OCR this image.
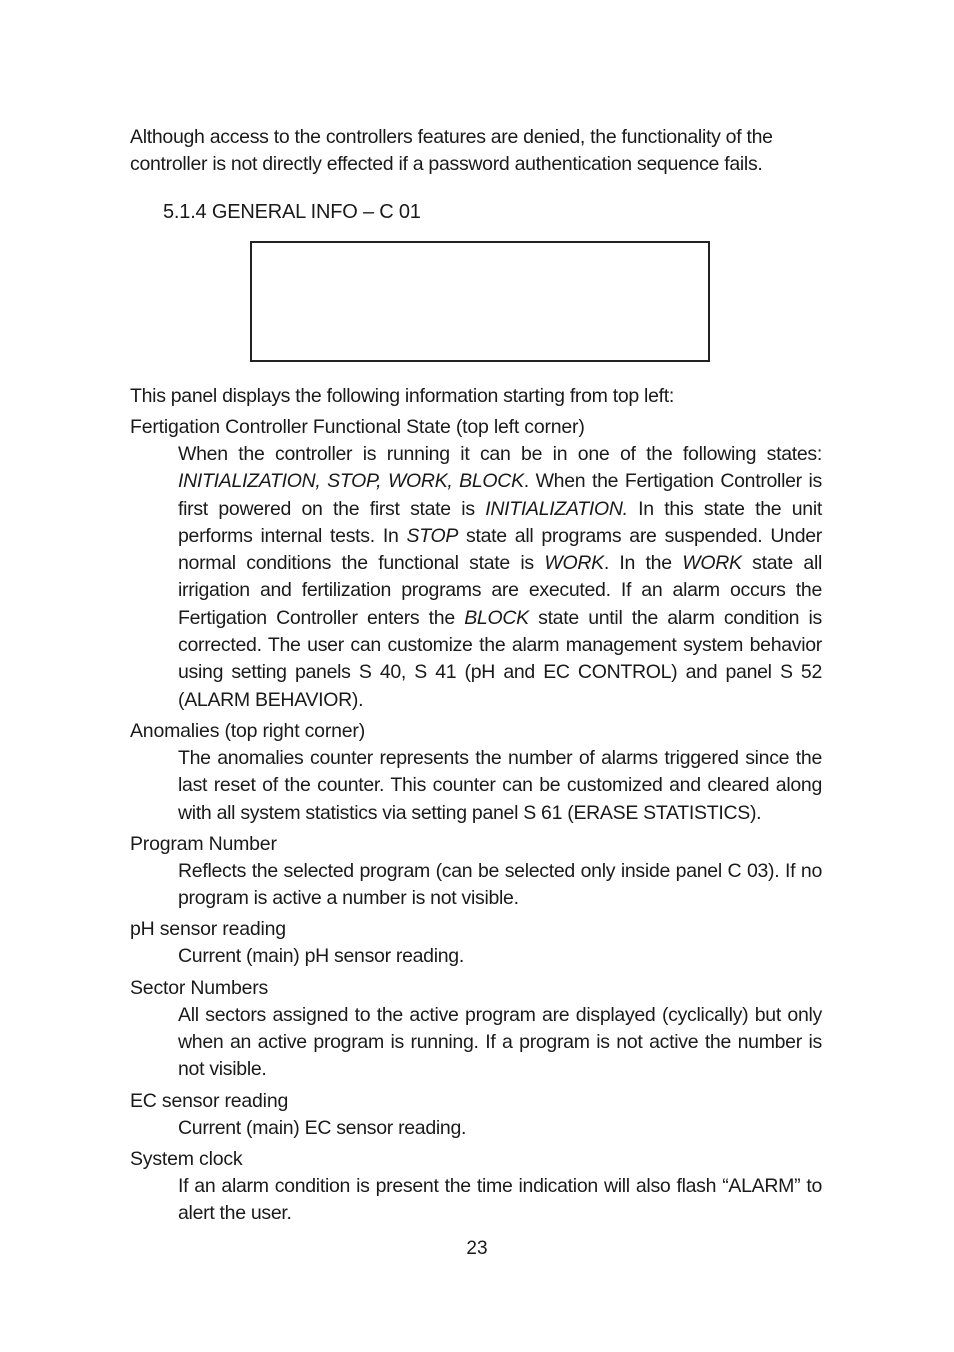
Although access to the controllers features are denied, the functionality of the controller is not directly effected if a password authentication sequence fails.

5.1.4 GENERAL INFO – C 01

This panel displays the following information starting from top left:

Fertigation Controller Functional State (top left corner)
When the controller is running it can be in one of the following states: INITIALIZATION, STOP, WORK, BLOCK. When the Fertigation Controller is first powered on the first state is INITIALIZATION. In this state the unit performs internal tests. In STOP state all programs are suspended. Under normal conditions the functional state is WORK. In the WORK state all irrigation and fertilization programs are executed. If an alarm occurs the Fertigation Controller enters the BLOCK state until the alarm condition is corrected. The user can customize the alarm management system behavior using setting panels S 40, S 41 (pH and EC CONTROL) and panel S 52 (ALARM BEHAVIOR).
Anomalies (top right corner)
The anomalies counter represents the number of alarms triggered since the last reset of the counter. This counter can be customized and cleared along with all system statistics via setting panel S 61 (ERASE STATISTICS).
Program Number
Reflects the selected program (can be selected only inside panel C 03). If no program is active a number is not visible.
pH sensor reading
Current (main) pH sensor reading.
Sector Numbers
All sectors assigned to the active program are displayed (cyclically) but only when an active program is running. If a program is not active the number is not visible.
EC sensor reading
Current (main) EC sensor reading.
System clock
If an alarm condition is present the time indication will also flash “ALARM” to alert the user.
23
